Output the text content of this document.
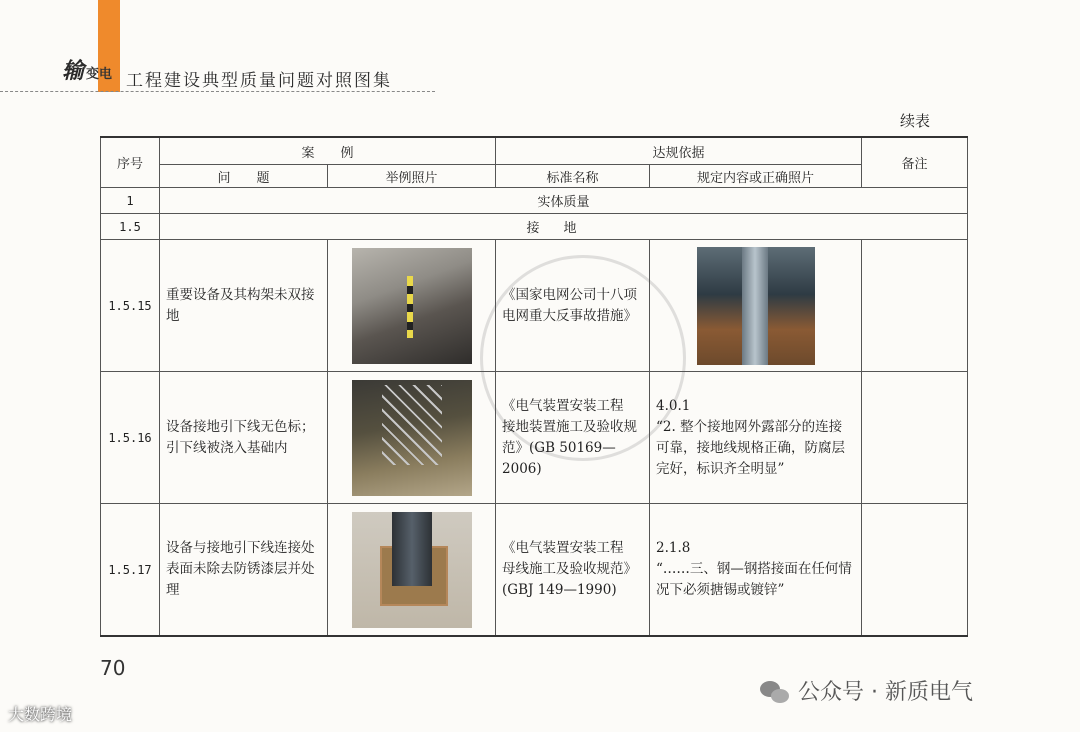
输变电 工程建设典型质量问题对照图集
续表
序号	案　　例		达规依据		备注
	问　　题	举例照片	标准名称	规定内容或正确照片	
1	实体质量				
1.5	接地				
1.5.15	重要设备及其构架未双接地		《国家电网公司十八项电网重大反事故措施》	

1.5.16	设备接地引下线无色标；引下线被浇入基础内		《电气装置安装工程　接地装置施工及验收规范》(GB 50169—2006)	4.0.1
“2. 整个接地网外露部分的连接可靠，接地线规格正确，防腐层完好，标识齐全明显”	

1.5.17	设备与接地引下线连接处表面未除去防锈漆层并处理		《电气装置安装工程　母线施工及验收规范》(GBJ 149—1990)	2.1.8
“……三、钢—钢搭接面在任何情况下必须搪锡或镀锌”	

70
大数跨境
公众号 · 新质电气
